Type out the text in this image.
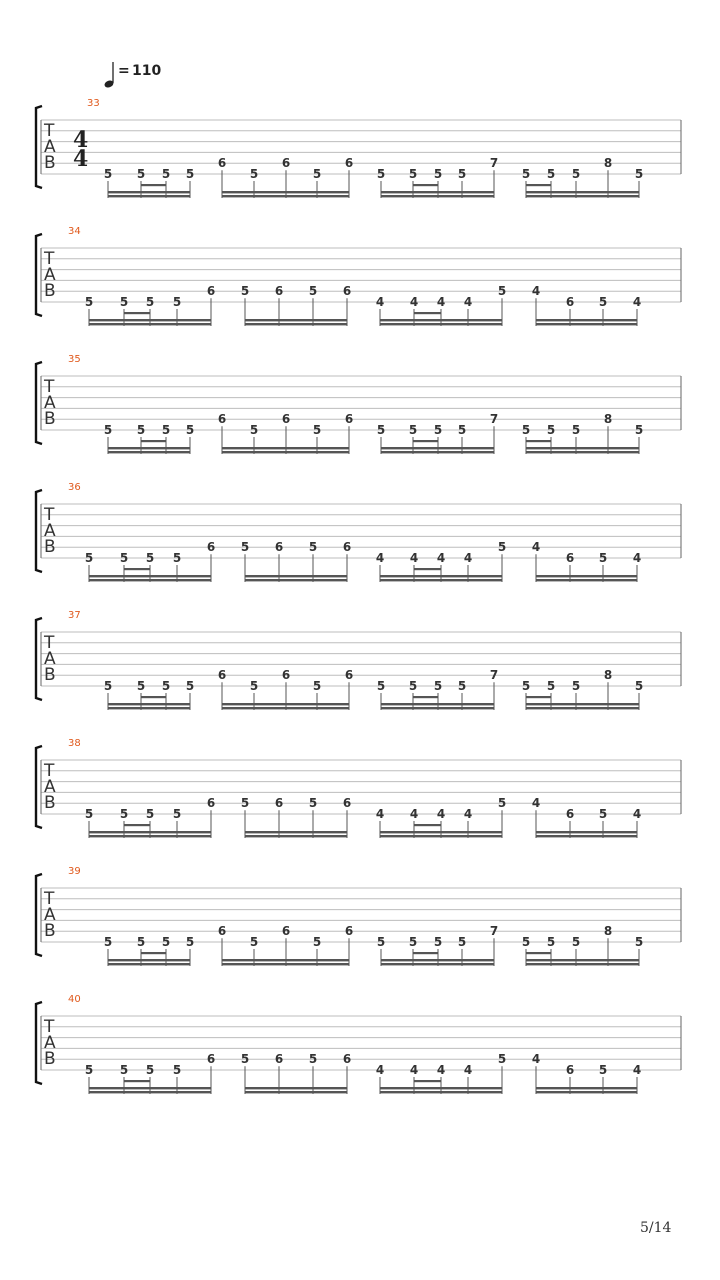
= 110
T
A
B
33
4
4
5 5 5 5
6
5
6
5
6
5 5 5 5
7
5 5 5
8
5
T
A
B
34
5 5 5 5
6 5 6 5 6
4 4 4 4
5 4
6 5 4
T
A
B
35
5 5 5 5
6
5
6
5
6
5 5 5 5
7
5 5 5
8
5
T
A
B
36
5 5 5 5
6 5 6 5 6
4 4 4 4
5 4
6 5 4
T
A
B
37
5 5 5 5
6
5
6
5
6
5 5 5 5
7
5 5 5
8
5
T
A
B
38
5 5 5 5
6 5 6 5 6
4 4 4 4
5 4
6 5 4
T
A
B
39
5 5 5 5
6
5
6
5
6
5 5 5 5
7
5 5 5
8
5
T
A
B
40
5 5 5 5
6 5 6 5 6
4 4 4 4
5 4
6 5 4
5/14
